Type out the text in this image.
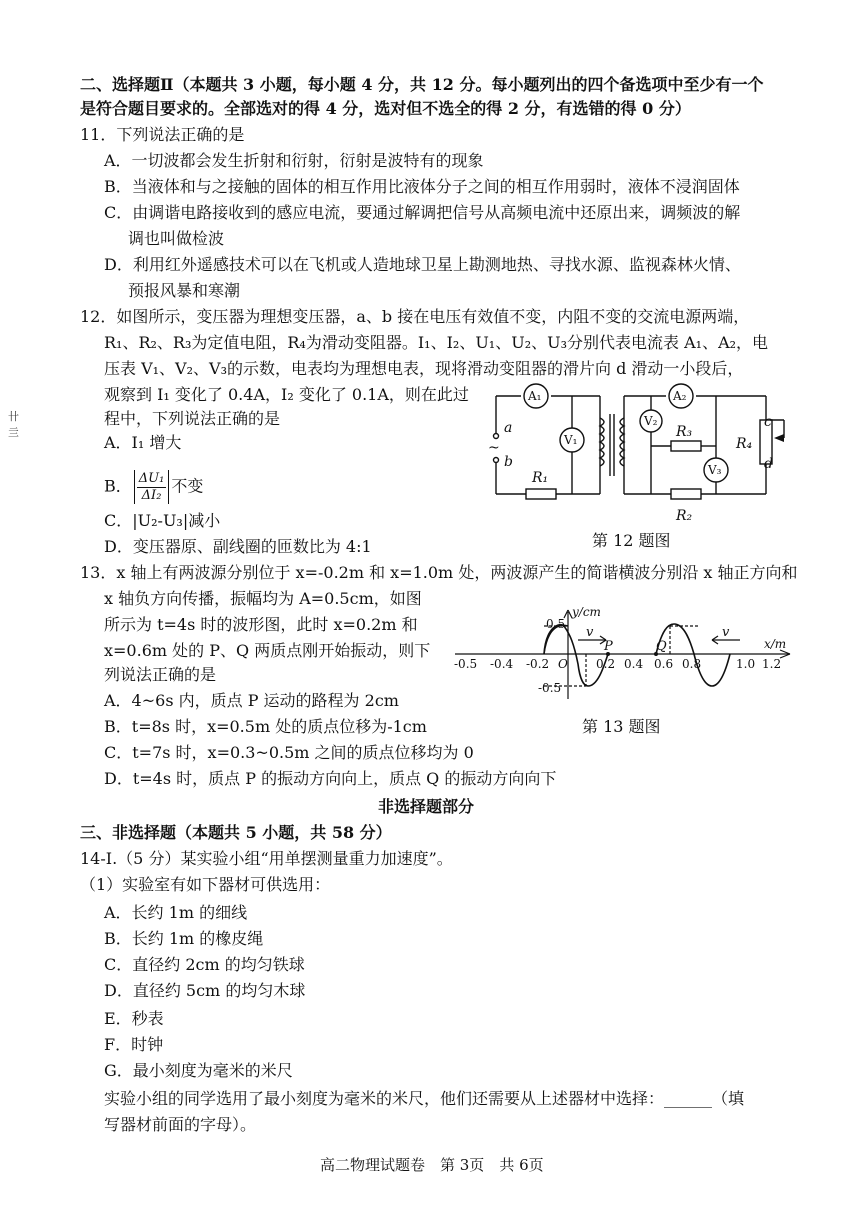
卄
亖
二、选择题Ⅱ（本题共 3 小题，每小题 4 分，共 12 分。每小题列出的四个备选项中至少有一个
是符合题目要求的。全部选对的得 4 分，选对但不选全的得 2 分，有选错的得 0 分）
11．下列说法正确的是
A．一切波都会发生折射和衍射，衍射是波特有的现象
B．当液体和与之接触的固体的相互作用比液体分子之间的相互作用弱时，液体不浸润固体
C．由调谐电路接收到的感应电流，要通过解调把信号从高频电流中还原出来，调频波的解
调也叫做检波
D．利用红外遥感技术可以在飞机或人造地球卫星上勘测地热、寻找水源、监视森林火情、
预报风暴和寒潮
12．如图所示，变压器为理想变压器，a、b 接在电压有效值不变，内阻不变的交流电源两端，
R₁、R₂、R₃为定值电阻，R₄为滑动变阻器。I₁、I₂、U₁、U₂、U₃分别代表电流表 A₁、A₂，电
压表 V₁、V₂、V₃的示数，电表均为理想电表，现将滑动变阻器的滑片向 d 滑动一小段后，
观察到 I₁ 变化了 0.4A，I₂ 变化了 0.1A，则在此过
程中，下列说法正确的是
A．I₁ 增大
B． $\frac{\text{ΔU₁}}{\text{ΔI₂}}$ 不变
C．|U₂-U₃|减小
D．变压器原、副线圈的匝数比为 4:1
A₁	A₂
V₁
V₂
V₃
R₁
R₂
R₃
R₄
a
b
c
d
~
第 12 题图
13．x 轴上有两波源分别位于 x=-0.2m 和 x=1.0m 处，两波源产生的简谐横波分别沿 x 轴正方向和
x 轴负方向传播，振幅均为 A=0.5cm，如图
所示为 t=4s 时的波形图，此时 x=0.2m 和
x=0.6m 处的 P、Q 两质点刚开始振动，则下
列说法正确的是
A．4~6s 内，质点 P 运动的路程为 2cm
B．t=8s 时，x=0.5m 处的质点位移为-1cm
C．t=7s 时，x=0.3~0.5m 之间的质点位移均为 0
D．t=4s 时，质点 P 的振动方向向上，质点 Q 的振动方向向下
y/cm
x/m
0.5
-0.5
-0.5 -0.4 -0.2 O 0.2 0.4 0.6 0.8	1.0 1.2
P	Q
v	v
第 13 题图
非选择题部分
三、非选择题（本题共 5 小题，共 58 分）
14-Ⅰ.（5 分）某实验小组“用单摆测量重力加速度”。
（1）实验室有如下器材可供选用：
A．长约 1m 的细线
B．长约 1m 的橡皮绳
C．直径约 2cm 的均匀铁球
D．直径约 5cm 的均匀木球
E．秒表
F．时钟
G．最小刻度为毫米的米尺
实验小组的同学选用了最小刻度为毫米的米尺，他们还需要从上述器材中选择：______（填
写器材前面的字母）。
高二物理试题卷　第 3页　共 6页
